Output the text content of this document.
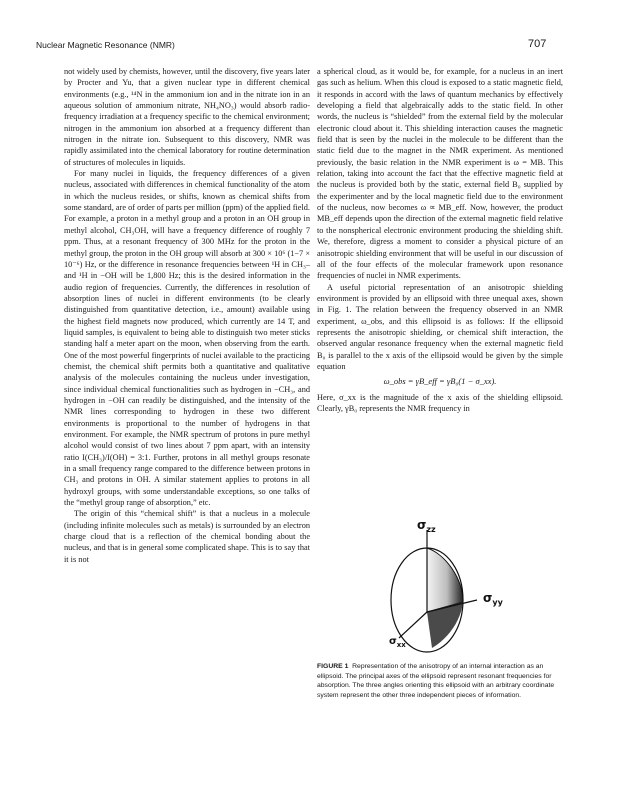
Nuclear Magnetic Resonance (NMR)	707

not widely used by chemists, however, until the discovery, five years later by Procter and Yu, that a given nuclear type in different chemical environments (e.g., ¹⁴N in the ammonium ion and in the nitrate ion in an aqueous solution of ammonium nitrate, NH₄NO₃) would absorb radio-frequency irradiation at a frequency specific to the chemical environment; nitrogen in the ammonium ion absorbed at a frequency different than nitrogen in the nitrate ion. Subsequent to this discovery, NMR was rapidly assimilated into the chemical laboratory for routine determination of structures of molecules in liquids.

For many nuclei in liquids, the frequency differences of a given nucleus, associated with differences in chemical functionality of the atom in which the nucleus resides, or shifts, known as chemical shifts from some standard, are of order of parts per million (ppm) of the applied field. For example, a proton in a methyl group and a proton in an OH group in methyl alcohol, CH₃OH, will have a frequency difference of roughly 7 ppm. Thus, at a resonant frequency of 300 MHz for the proton in the methyl group, the proton in the OH group will absorb at 300 × 10⁶ (1−7 × 10⁻⁶) Hz, or the difference in resonance frequencies between ¹H in CH₃– and ¹H in −OH will be 1,800 Hz; this is the desired information in the audio region of frequencies. Currently, the differences in resolution of absorption lines of nuclei in different environments (to be clearly distinguished from quantitative detection, i.e., amount) available using the highest field magnets now produced, which currently are 14 T, and liquid samples, is equivalent to being able to distinguish two meter sticks standing half a meter apart on the moon, when observing from the earth. One of the most powerful fingerprints of nuclei available to the practicing chemist, the chemical shift permits both a quantitative and qualitative analysis of the molecules containing the nucleus under investigation, since individual chemical functionalities such as hydrogen in −CH₃, and hydrogen in −OH can readily be distinguished, and the intensity of the NMR lines corresponding to hydrogen in these two different environments is proportional to the number of hydrogens in that environment. For example, the NMR spectrum of protons in pure methyl alcohol would consist of two lines about 7 ppm apart, with an intensity ratio I(CH₃)/I(OH) = 3:1. Further, protons in all methyl groups resonate in a small frequency range compared to the difference between protons in CH₃ and protons in OH. A similar statement applies to protons in all hydroxyl groups, with some understandable exceptions, so one talks of the “methyl group range of absorption,” etc.

The origin of this “chemical shift” is that a nucleus in a molecule (including infinite molecules such as metals) is surrounded by an electron charge cloud that is a reflection of the chemical bonding about the nucleus, and that is in general some complicated shape. This is to say that it is not

a spherical cloud, as it would be, for example, for a nucleus in an inert gas such as helium. When this cloud is exposed to a static magnetic field, it responds in accord with the laws of quantum mechanics by effectively developing a field that algebraically adds to the static field. In other words, the nucleus is “shielded” from the external field by the molecular electronic cloud about it. This shielding interaction causes the magnetic field that is seen by the nuclei in the molecule to be different than the static field due to the magnet in the NMR experiment. As mentioned previously, the basic relation in the NMR experiment is ω = MB. This relation, taking into account the fact that the effective magnetic field at the nucleus is provided both by the static, external field B₀ supplied by the experimenter and by the local magnetic field due to the environment of the nucleus, now becomes ω ∝ MB_eff. Now, however, the product MB_eff depends upon the direction of the external magnetic field relative to the nonspherical electronic environment producing the shielding shift. We, therefore, digress a moment to consider a physical picture of an anisotropic shielding environment that will be useful in our discussion of all of the four effects of the molecular framework upon resonance frequencies of nuclei in NMR experiments.

A useful pictorial representation of an anisotropic shielding environment is provided by an ellipsoid with three unequal axes, shown in Fig. 1. The relation between the frequency observed in an NMR experiment, ω_obs, and this ellipsoid is as follows: If the ellipsoid represents the anisotropic shielding, or chemical shift interaction, the observed angular resonance frequency when the external magnetic field B₀ is parallel to the x axis of the ellipsoid would be given by the simple equation

ω_obs = γB_eff = γB₀(1 − σ_xx).

Here, σ_xx is the magnitude of the x axis of the shielding ellipsoid. Clearly, γB₀ represents the NMR frequency in

$\sigma_{zz}$
$\sigma_{yy}$
$\sigma_{xx}$
FIGURE 1 Representation of the anisotropy of an internal interaction as an ellipsoid. The principal axes of the ellipsoid represent resonant frequencies for absorption. The three angles orienting this ellipsoid with an arbitrary coordinate system represent the other three independent pieces of information.
